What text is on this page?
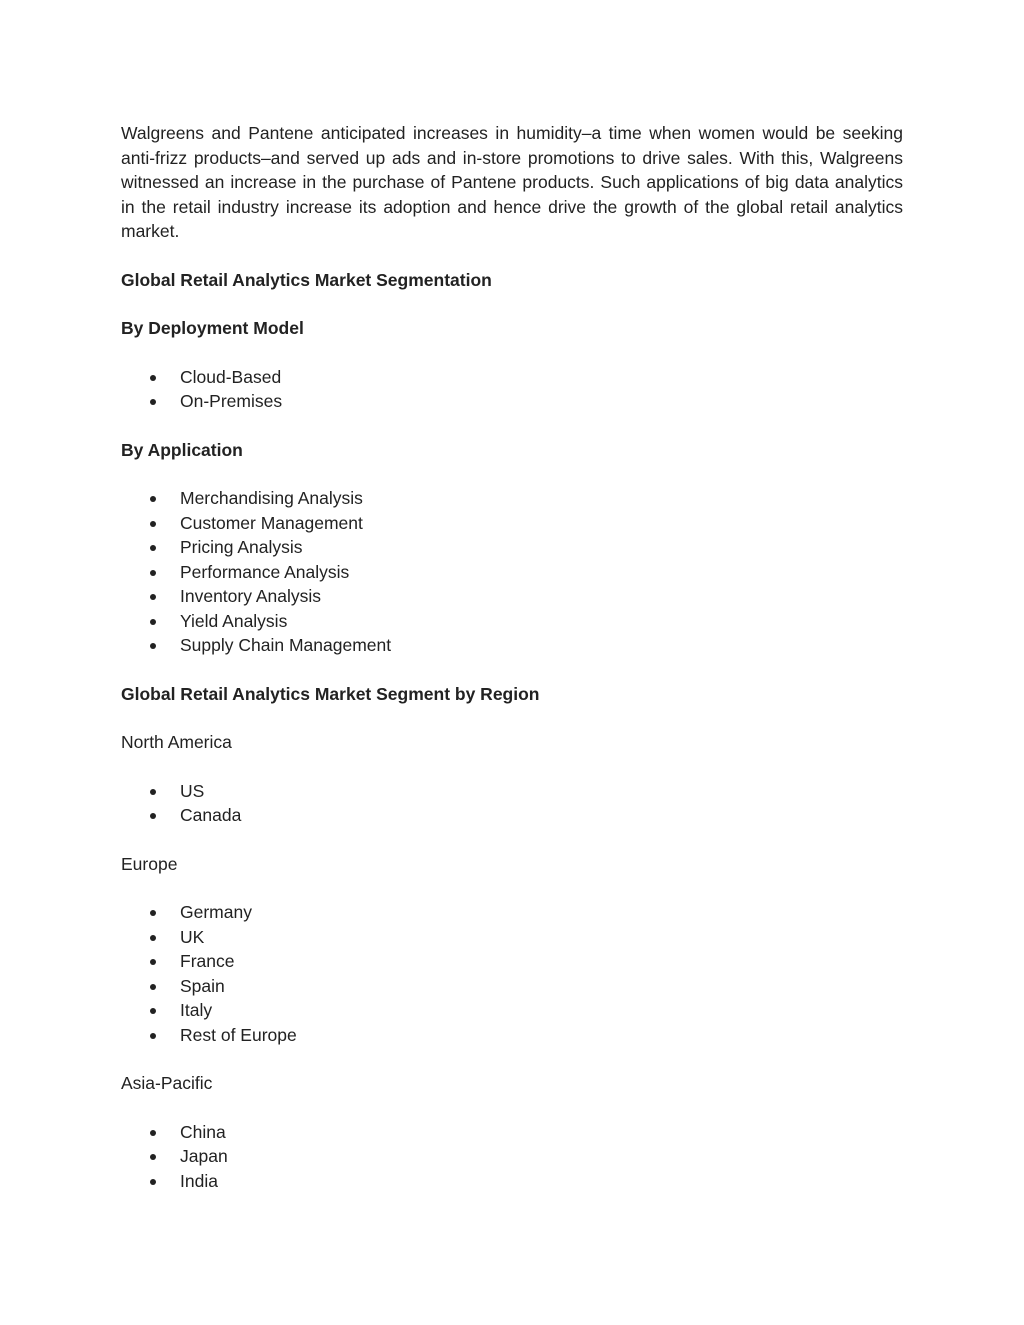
Walgreens and Pantene anticipated increases in humidity–a time when women would be seeking anti-frizz products–and served up ads and in-store promotions to drive sales. With this, Walgreens witnessed an increase in the purchase of Pantene products. Such applications of big data analytics in the retail industry increase its adoption and hence drive the growth of the global retail analytics market.

Global Retail Analytics Market Segmentation

By Deployment Model

Cloud-Based
On-Premises

By Application

Merchandising Analysis
Customer Management
Pricing Analysis
Performance Analysis
Inventory Analysis
Yield Analysis
Supply Chain Management

Global Retail Analytics Market Segment by Region

North America

US
Canada

Europe

Germany
UK
France
Spain
Italy
Rest of Europe

Asia-Pacific

China
Japan
India
